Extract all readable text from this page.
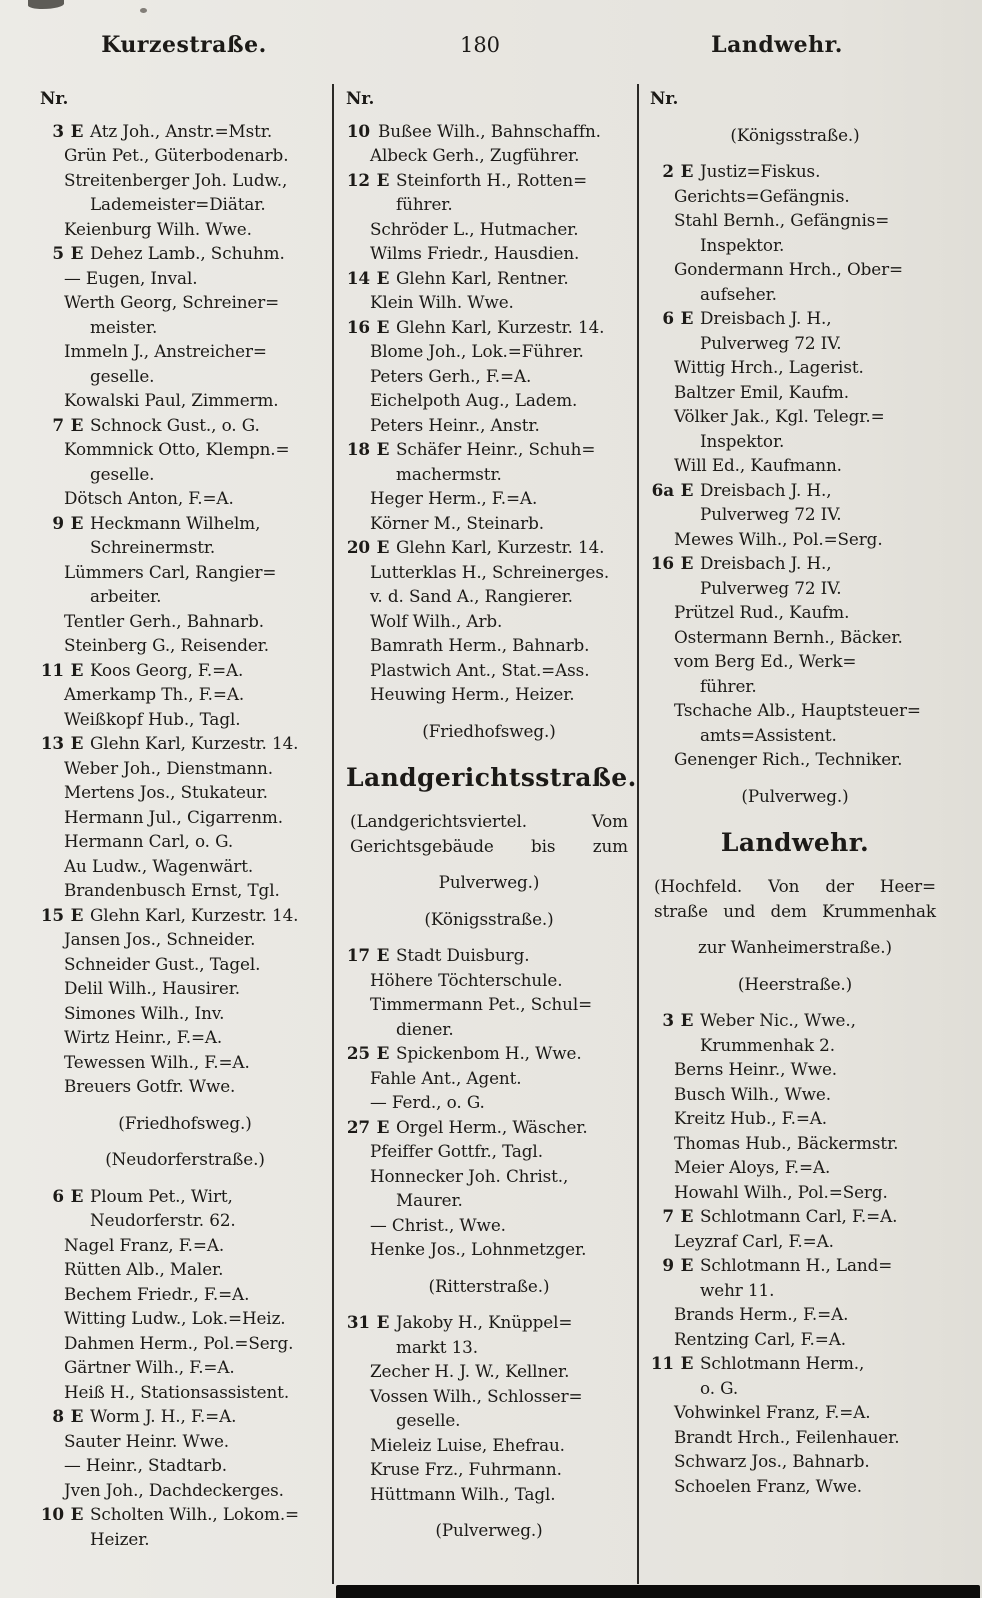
Kurzestraße.	180	Landwehr.
Nr.
3 E Atz Joh., Anstr.=Mstr.
Grün Pet., Güterbodenarb.
Streitenberger Joh. Ludw.,
Lademeister=Diätar.
Keienburg Wilh. Wwe.
5 E Dehez Lamb., Schuhm.
— Eugen, Inval.
Werth Georg, Schreiner=
meister.
Immeln J., Anstreicher=
geselle.
Kowalski Paul, Zimmerm.
7 E Schnock Gust., o. G.
Kommnick Otto, Klempn.=
geselle.
Dötsch Anton, F.=A.
9 E Heckmann Wilhelm,
Schreinermstr.
Lümmers Carl, Rangier=
arbeiter.
Tentler Gerh., Bahnarb.
Steinberg G., Reisender.
11 E Koos Georg, F.=A.
Amerkamp Th., F.=A.
Weißkopf Hub., Tagl.
13 E Glehn Karl, Kurzestr. 14.
Weber Joh., Dienstmann.
Mertens Jos., Stukateur.
Hermann Jul., Cigarrenm.
Hermann Carl, o. G.
Au Ludw., Wagenwärt.
Brandenbusch Ernst, Tgl.
15 E Glehn Karl, Kurzestr. 14.
Jansen Jos., Schneider.
Schneider Gust., Tagel.
Delil Wilh., Hausirer.
Simones Wilh., Inv.
Wirtz Heinr., F.=A.
Tewessen Wilh., F.=A.
Breuers Gotfr. Wwe.
(Friedhofsweg.)
(Neudorferstraße.)
6 E Ploum Pet., Wirt,
Neudorferstr. 62.
Nagel Franz, F.=A.
Rütten Alb., Maler.
Bechem Friedr., F.=A.
Witting Ludw., Lok.=Heiz.
Dahmen Herm., Pol.=Serg.
Gärtner Wilh., F.=A.
Heiß H., Stationsassistent.
8 E Worm J. H., F.=A.
Sauter Heinr. Wwe.
— Heinr., Stadtarb.
Jven Joh., Dachdeckerges.
10 E Scholten Wilh., Lokom.=
Heizer.
Nr.
10 Bußee Wilh., Bahnschaffn.
Albeck Gerh., Zugführer.
12 E Steinforth H., Rotten=
führer.
Schröder L., Hutmacher.
Wilms Friedr., Hausdien.
14 E Glehn Karl, Rentner.
Klein Wilh. Wwe.
16 E Glehn Karl, Kurzestr. 14.
Blome Joh., Lok.=Führer.
Peters Gerh., F.=A.
Eichelpoth Aug., Ladem.
Peters Heinr., Anstr.
18 E Schäfer Heinr., Schuh=
machermstr.
Heger Herm., F.=A.
Körner M., Steinarb.
20 E Glehn Karl, Kurzestr. 14.
Lutterklas H., Schreinerges.
v. d. Sand A., Rangierer.
Wolf Wilh., Arb.
Bamrath Herm., Bahnarb.
Plastwich Ant., Stat.=Ass.
Heuwing Herm., Heizer.
(Friedhofsweg.)
Landgerichtsstraße.
(Landgerichtsviertel. Vom
Gerichtsgebäude bis zum
Pulverweg.)
(Königsstraße.)
17 E Stadt Duisburg.
Höhere Töchterschule.
Timmermann Pet., Schul=
diener.
25 E Spickenbom H., Wwe.
Fahle Ant., Agent.
— Ferd., o. G.
27 E Orgel Herm., Wäscher.
Pfeiffer Gottfr., Tagl.
Honnecker Joh. Christ.,
Maurer.
— Christ., Wwe.
Henke Jos., Lohnmetzger.
(Ritterstraße.)
31 E Jakoby H., Knüppel=
markt 13.
Zecher H. J. W., Kellner.
Vossen Wilh., Schlosser=
geselle.
Mieleiz Luise, Ehefrau.
Kruse Frz., Fuhrmann.
Hüttmann Wilh., Tagl.
(Pulverweg.)
Nr.
(Königsstraße.)
2 E Justiz=Fiskus.
Gerichts=Gefängnis.
Stahl Bernh., Gefängnis=
Inspektor.
Gondermann Hrch., Ober=
aufseher.
6 E Dreisbach J. H.,
Pulverweg 72 IV.
Wittig Hrch., Lagerist.
Baltzer Emil, Kaufm.
Völker Jak., Kgl. Telegr.=
Inspektor.
Will Ed., Kaufmann.
6a E Dreisbach J. H.,
Pulverweg 72 IV.
Mewes Wilh., Pol.=Serg.
16 E Dreisbach J. H.,
Pulverweg 72 IV.
Prützel Rud., Kaufm.
Ostermann Bernh., Bäcker.
vom Berg Ed., Werk=
führer.
Tschache Alb., Hauptsteuer=
amts=Assistent.
Genenger Rich., Techniker.
(Pulverweg.)
Landwehr.
(Hochfeld. Von der Heer=
straße und dem Krummenhak
zur Wanheimerstraße.)
(Heerstraße.)
3 E Weber Nic., Wwe.,
Krummenhak 2.
Berns Heinr., Wwe.
Busch Wilh., Wwe.
Kreitz Hub., F.=A.
Thomas Hub., Bäckermstr.
Meier Aloys, F.=A.
Howahl Wilh., Pol.=Serg.
7 E Schlotmann Carl, F.=A.
Leyzraf Carl, F.=A.
9 E Schlotmann H., Land=
wehr 11.
Brands Herm., F.=A.
Rentzing Carl, F.=A.
11 E Schlotmann Herm.,
o. G.
Vohwinkel Franz, F.=A.
Brandt Hrch., Feilenhauer.
Schwarz Jos., Bahnarb.
Schoelen Franz, Wwe.
